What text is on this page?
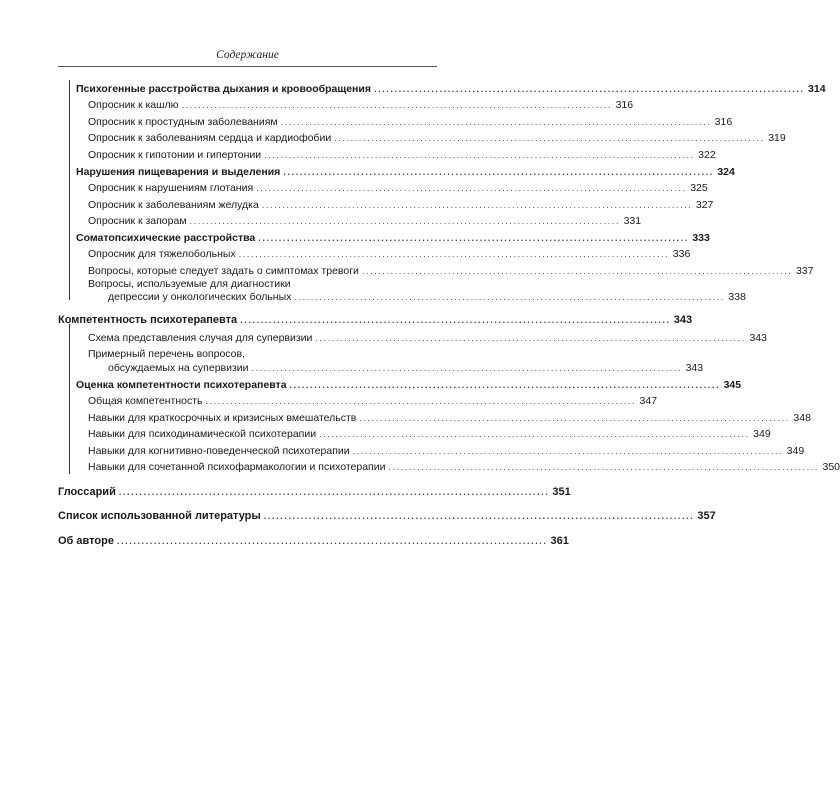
Содержание
Психогенные расстройства дыхания и кровообращения ......................................................................................................... 314
Опросник к кашлю ......................................................................................................... 316
Опросник к простудным заболеваниям ......................................................................................................... 316
Опросник к заболеваниям сердца и кардиофобии ......................................................................................................... 319
Опросник к гипотонии и гипертонии ......................................................................................................... 322
Нарушения пищеварения и выделения ......................................................................................................... 324
Опросник к нарушениям глотания ......................................................................................................... 325
Опросник к заболеваниям желудка ......................................................................................................... 327
Опросник к запорам ......................................................................................................... 331
Соматопсихические расстройства ......................................................................................................... 333
Опросник для тяжелобольных ......................................................................................................... 336
Вопросы, которые следует задать о симптомах тревоги ......................................................................................................... 337
Вопросы, используемые для диагностики
депрессии у онкологических больных ......................................................................................................... 338
Компетентность психотерапевта ......................................................................................................... 343
Схема представления случая для супервизии ......................................................................................................... 343
Примерный перечень вопросов,
обсуждаемых на супервизии ......................................................................................................... 343
Оценка компетентности психотерапевта ......................................................................................................... 345
Общая компетентность ......................................................................................................... 347
Навыки для краткосрочных и кризисных вмешательств ......................................................................................................... 348
Навыки для психодинамической психотерапии ......................................................................................................... 349
Навыки для когнитивно-поведенческой психотерапии ......................................................................................................... 349
Навыки для сочетанной психофармакологии и психотерапии ......................................................................................................... 350
Глоссарий ......................................................................................................... 351
Список использованной литературы ......................................................................................................... 357
Об авторе ......................................................................................................... 361
